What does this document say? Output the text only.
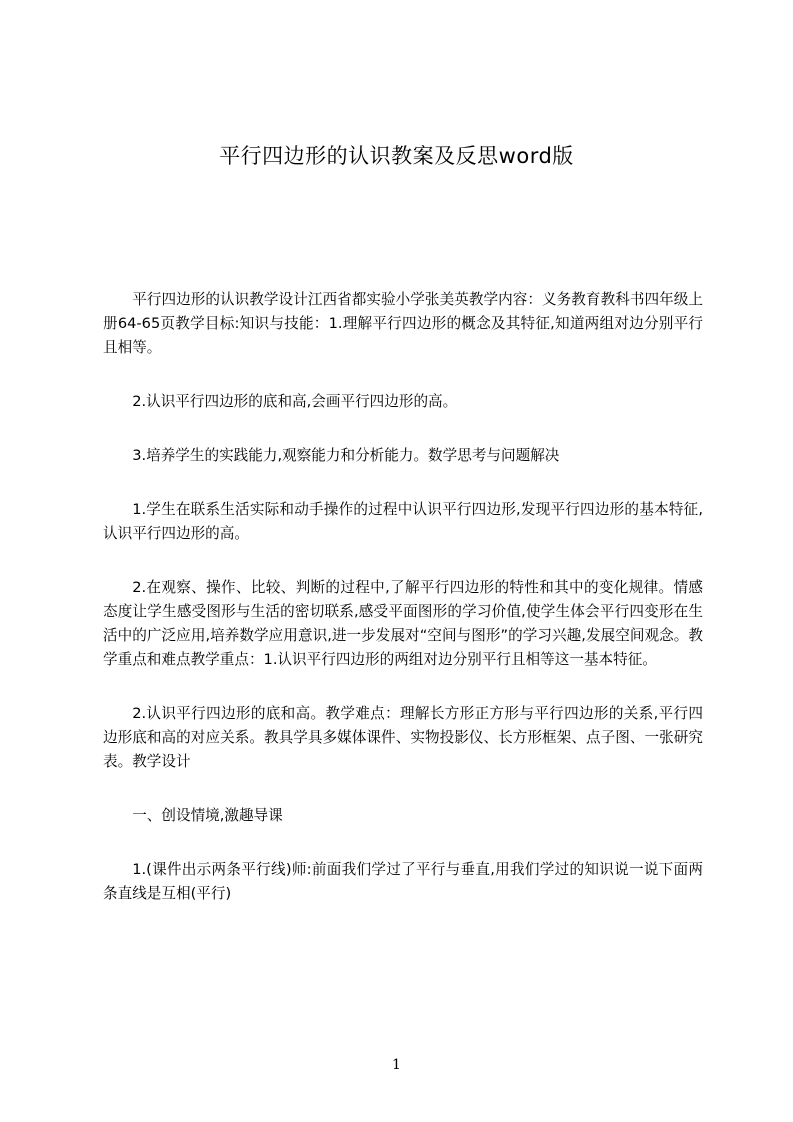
平行四边形的认识教案及反思word版

平行四边形的认识教学设计江西省都实验小学张美英教学内容：义务教育教科书四年级上册64-65页教学目标:知识与技能：1.理解平行四边形的概念及其特征,知道两组对边分别平行且相等。

2.认识平行四边形的底和高,会画平行四边形的高。

3.培养学生的实践能力,观察能力和分析能力。数学思考与问题解决

1.学生在联系生活实际和动手操作的过程中认识平行四边形,发现平行四边形的基本特征,认识平行四边形的高。

2.在观察、操作、比较、判断的过程中,了解平行四边形的特性和其中的变化规律。情感态度让学生感受图形与生活的密切联系,感受平面图形的学习价值,使学生体会平行四变形在生活中的广泛应用,培养数学应用意识,进一步发展对“空间与图形”的学习兴趣,发展空间观念。教学重点和难点教学重点：1.认识平行四边形的两组对边分别平行且相等这一基本特征。

2.认识平行四边形的底和高。教学难点：理解长方形正方形与平行四边形的关系,平行四边形底和高的对应关系。教具学具多媒体课件、实物投影仪、长方形框架、点子图、一张研究表。教学设计

一、创设情境,激趣导课

1.(课件出示两条平行线)师:前面我们学过了平行与垂直,用我们学过的知识说一说下面两条直线是互相(平行)

1
